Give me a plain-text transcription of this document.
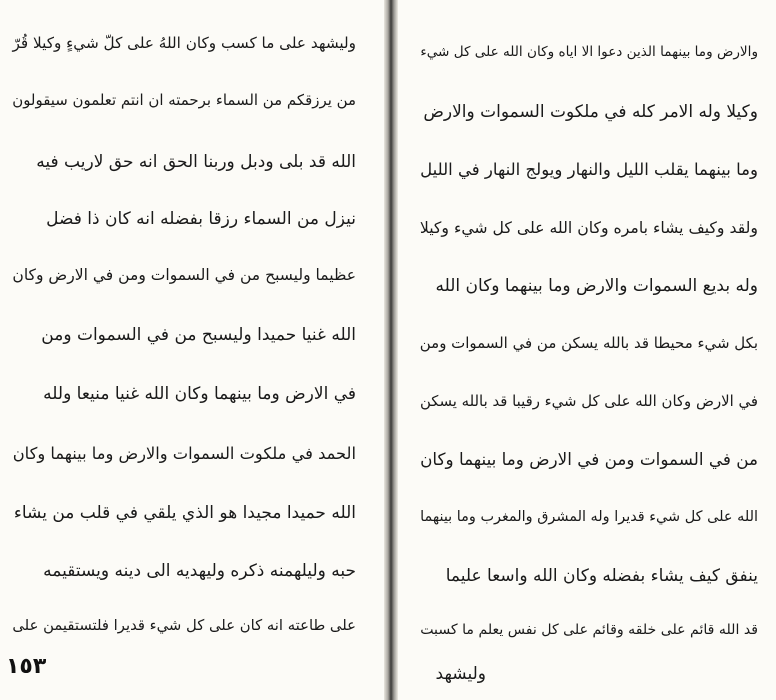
وليشهد على ما كسب وكان اللهُ على كلّ شيءٍ وكيلا قُرّ
من يرزقكم من السماء برحمته ان انتم تعلمون سيقولون
الله قد بلى ودبل وربنا الحق انه حق لاريب فيه
نيزل من السماء رزقا بفضله انه كان ذا فضل
عظيما وليسبح من في السموات ومن في الارض وكان
الله غنيا حميدا وليسبح من في السموات ومن
في الارض وما بينهما وكان الله غنيا منيعا ولله
الحمد في ملكوت السموات والارض وما بينهما وكان
الله حميدا مجيدا هو الذي يلقي في قلب من يشاء
حبه وليلهمنه ذكره وليهديه الى دينه ويستقيمه
على طاعته انه كان على كل شيء قديرا فلتستقيمن على
١٥٣
والارض وما بينهما الذين دعوا الا اياه وكان الله على كل شيء
وكيلا وله الامر كله في ملكوت السموات والارض
وما بينهما يقلب الليل والنهار ويولج النهار في الليل
ولقد وكيف يشاء بامره وكان الله على كل شيء وكيلا
وله بديع السموات والارض وما بينهما وكان الله
بكل شيء محيطا قد بالله يسكن من في السموات ومن
في الارض وكان الله على كل شيء رقيبا قد بالله يسكن
من في السموات ومن في الارض وما بينهما وكان
الله على كل شيء قديرا وله المشرق والمغرب وما بينهما
ينفق كيف يشاء بفضله وكان الله واسعا عليما
قد الله قائم على خلقه وقائم على كل نفس يعلم ما كسبت
وليشهد
